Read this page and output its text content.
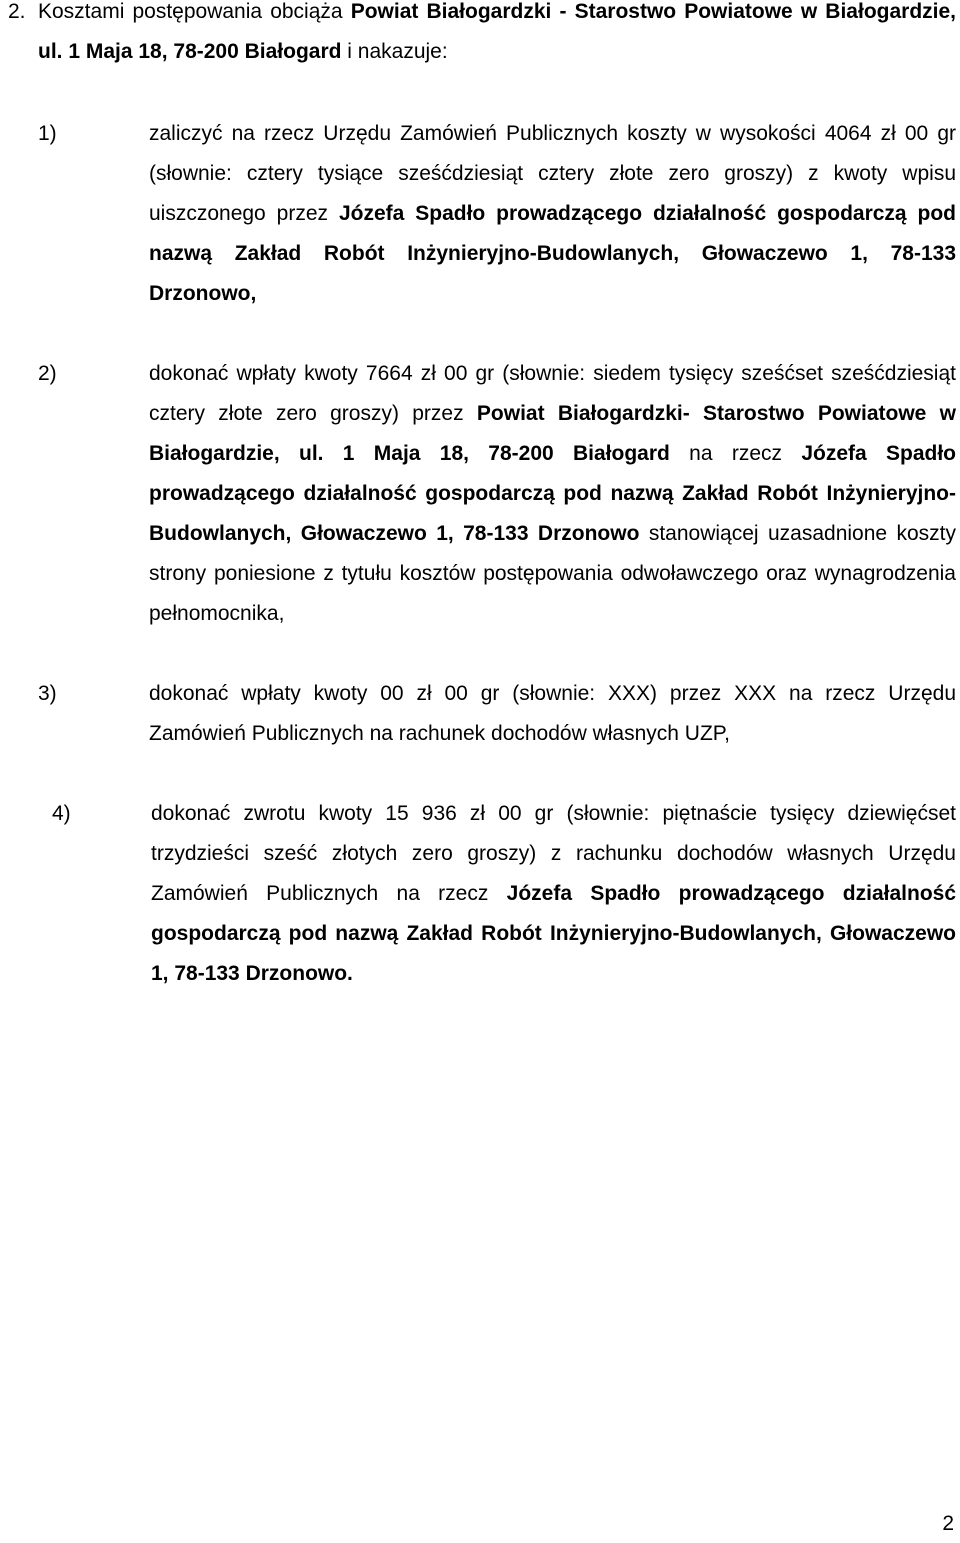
2. Kosztami postępowania obciąża Powiat Białogardzki - Starostwo Powiatowe w Białogardzie, ul. 1 Maja 18, 78-200 Białogard i nakazuje:
1)	zaliczyć na rzecz Urzędu Zamówień Publicznych koszty w wysokości 4064 zł 00 gr (słownie: cztery tysiące sześćdziesiąt cztery złote zero groszy) z kwoty wpisu uiszczonego przez Józefa Spadło prowadzącego działalność gospodarczą pod nazwą Zakład Robót Inżynieryjno-Budowlanych, Głowaczewo 1, 78-133 Drzonowo,
2)	dokonać wpłaty kwoty 7664 zł 00 gr (słownie: siedem tysięcy sześćset sześćdziesiąt cztery złote zero groszy) przez Powiat Białogardzki- Starostwo Powiatowe w Białogardzie, ul. 1 Maja 18, 78-200 Białogard na rzecz Józefa Spadło prowadzącego działalność gospodarczą pod nazwą Zakład Robót Inżynieryjno-Budowlanych, Głowaczewo 1, 78-133 Drzonowo stanowiącej uzasadnione koszty strony poniesione z tytułu kosztów postępowania odwoławczego oraz wynagrodzenia pełnomocnika,
3)	dokonać wpłaty kwoty 00 zł 00 gr (słownie: XXX) przez XXX na rzecz Urzędu Zamówień Publicznych na rachunek dochodów własnych UZP,
4)	dokonać zwrotu kwoty 15 936 zł 00 gr (słownie: piętnaście tysięcy dziewięćset trzydzieści sześć złotych zero groszy) z rachunku dochodów własnych Urzędu Zamówień Publicznych na rzecz Józefa Spadło prowadzącego działalność gospodarczą pod nazwą Zakład Robót Inżynieryjno-Budowlanych, Głowaczewo 1, 78-133 Drzonowo.
2
